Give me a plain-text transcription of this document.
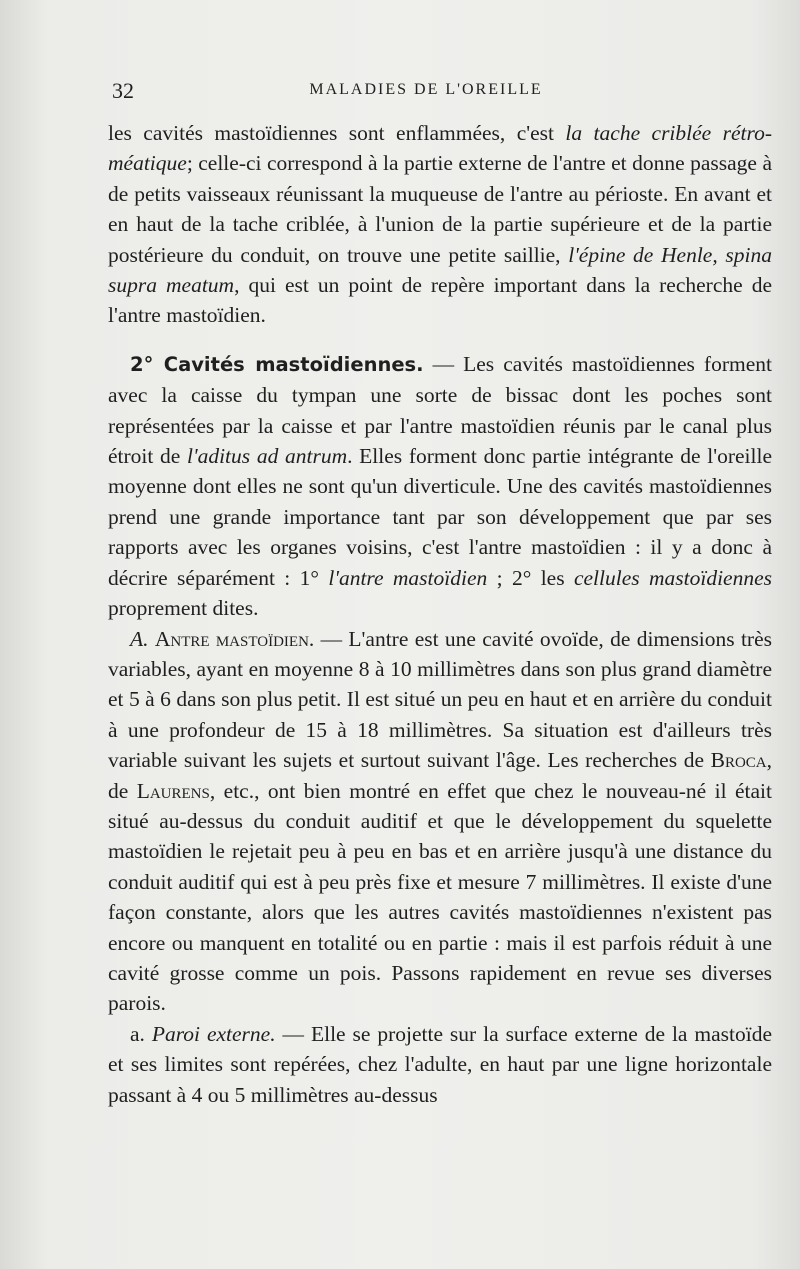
32	MALADIES DE L'OREILLE

les cavités mastoïdiennes sont enflammées, c'est la tache criblée rétro-méatique; celle-ci correspond à la partie externe de l'antre et donne passage à de petits vaisseaux réunissant la muqueuse de l'antre au périoste. En avant et en haut de la tache criblée, à l'union de la partie supérieure et de la partie postérieure du conduit, on trouve une petite saillie, l'épine de Henle, spina supra meatum, qui est un point de repère important dans la recherche de l'antre mastoïdien.

2° Cavités mastoïdiennes. — Les cavités mastoïdiennes forment avec la caisse du tympan une sorte de bissac dont les poches sont représentées par la caisse et par l'antre mastoïdien réunis par le canal plus étroit de l'aditus ad antrum. Elles forment donc partie intégrante de l'oreille moyenne dont elles ne sont qu'un diverticule. Une des cavités mastoïdiennes prend une grande importance tant par son développement que par ses rapports avec les organes voisins, c'est l'antre mastoïdien : il y a donc à décrire séparément : 1° l'antre mastoïdien ; 2° les cellules mastoïdiennes proprement dites.

A. Antre mastoïdien. — L'antre est une cavité ovoïde, de dimensions très variables, ayant en moyenne 8 à 10 millimètres dans son plus grand diamètre et 5 à 6 dans son plus petit. Il est situé un peu en haut et en arrière du conduit à une profondeur de 15 à 18 millimètres. Sa situation est d'ailleurs très variable suivant les sujets et surtout suivant l'âge. Les recherches de Broca, de Laurens, etc., ont bien montré en effet que chez le nouveau-né il était situé au-dessus du conduit auditif et que le développement du squelette mastoïdien le rejetait peu à peu en bas et en arrière jusqu'à une distance du conduit auditif qui est à peu près fixe et mesure 7 millimètres. Il existe d'une façon constante, alors que les autres cavités mastoïdiennes n'existent pas encore ou manquent en totalité ou en partie : mais il est parfois réduit à une cavité grosse comme un pois. Passons rapidement en revue ses diverses parois.

a. Paroi externe. — Elle se projette sur la surface externe de la mastoïde et ses limites sont repérées, chez l'adulte, en haut par une ligne horizontale passant à 4 ou 5 millimètres au-dessus
